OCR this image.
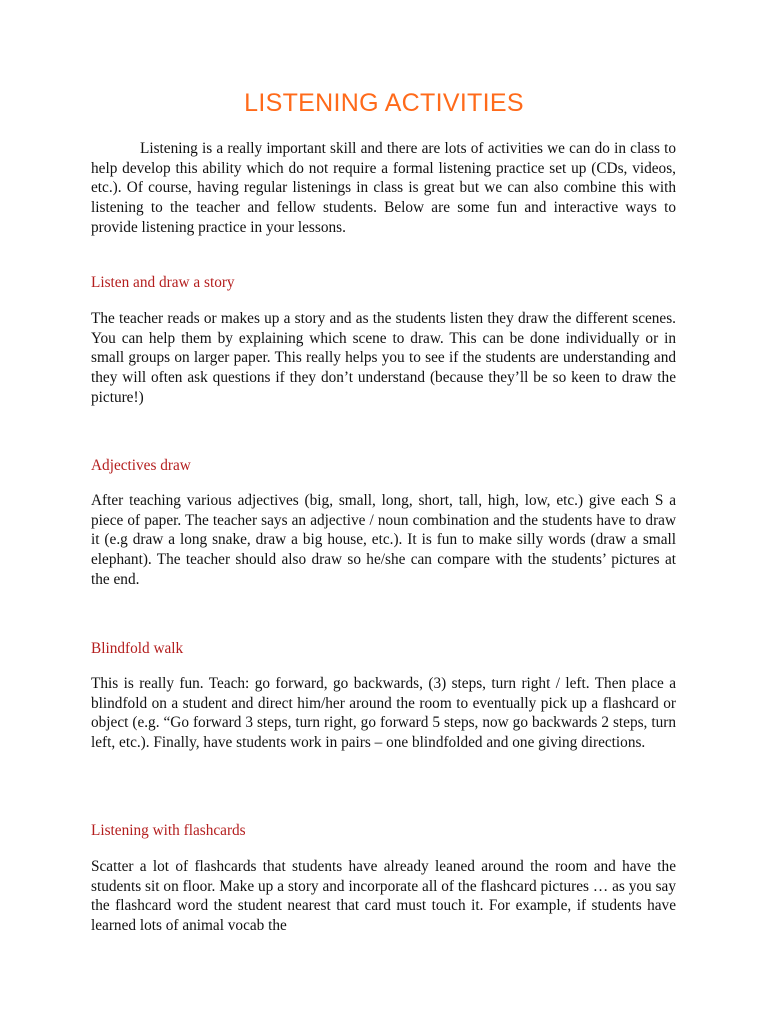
LISTENING ACTIVITIES

Listening is a really important skill and there are lots of activities we can do in class to help develop this ability which do not require a formal listening practice set up (CDs, videos, etc.). Of course, having regular listenings in class is great but we can also combine this with listening to the teacher and fellow students. Below are some fun and interactive ways to provide listening practice in your lessons.

Listen and draw a story

The teacher reads or makes up a story and as the students listen they draw the different scenes. You can help them by explaining which scene to draw. This can be done individually or in small groups on larger paper. This really helps you to see if the students are understanding and they will often ask questions if they don’t understand (because they’ll be so keen to draw the picture!)

Adjectives draw

After teaching various adjectives (big, small, long, short, tall, high, low, etc.) give each S a piece of paper. The teacher says an adjective / noun combination and the students have to draw it (e.g draw a long snake, draw a big house, etc.). It is fun to make silly words (draw a small elephant). The teacher should also draw so he/she can compare with the students’ pictures at the end.

Blindfold walk

This is really fun. Teach: go forward, go backwards, (3) steps, turn right / left. Then place a blindfold on a student and direct him/her around the room to eventually pick up a flashcard or object (e.g. “Go forward 3 steps, turn right, go forward 5 steps, now go backwards 2 steps, turn left, etc.). Finally, have students work in pairs – one blindfolded and one giving directions.

Listening with flashcards

Scatter a lot of flashcards that students have already leaned around the room and have the students sit on floor. Make up a story and incorporate all of the flashcard pictures … as you say the flashcard word the student nearest that card must touch it. For example, if students have learned lots of animal vocab the
